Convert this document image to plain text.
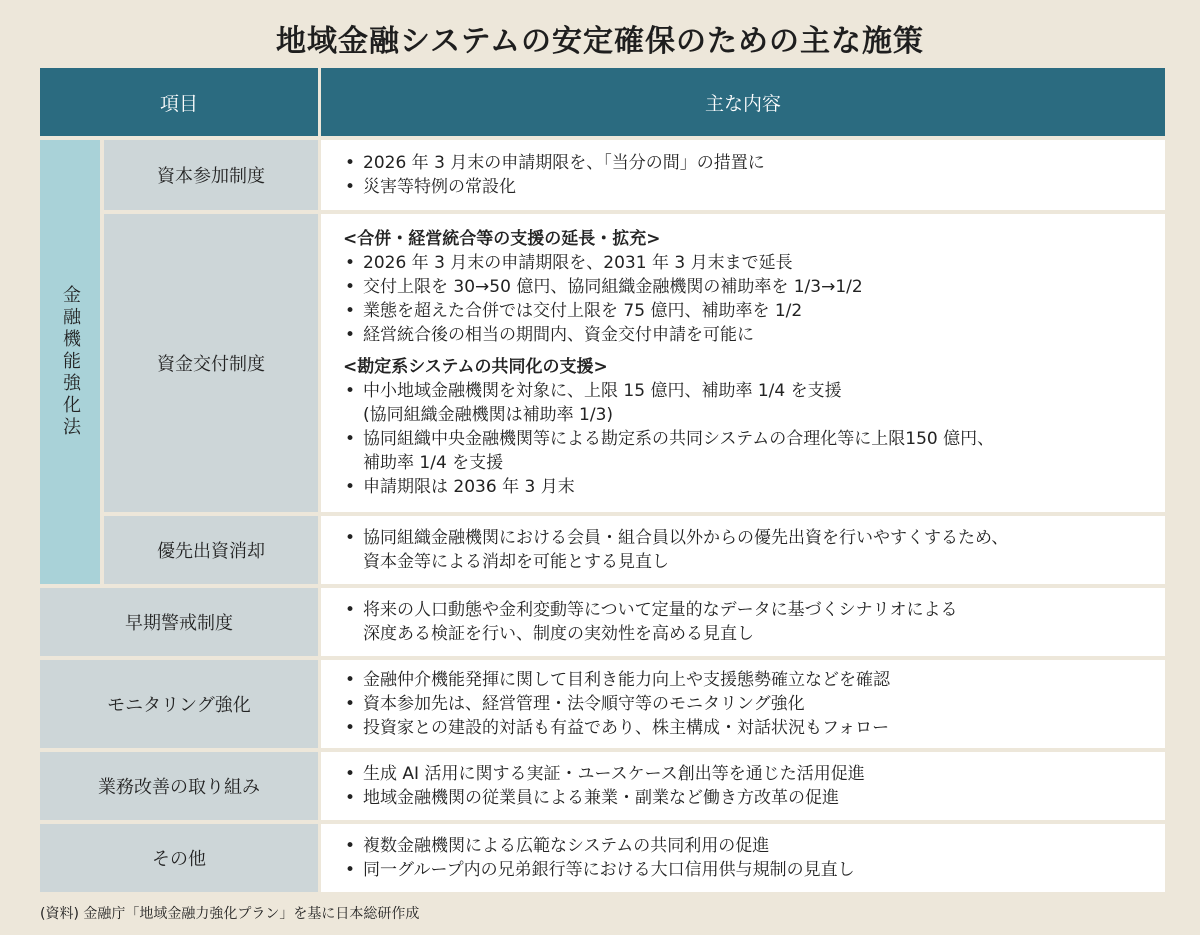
地域金融システムの安定確保のための主な施策
項目	主な内容
金融機能強化法
資本参加制度
• 2026 年 3 月末の申請期限を、「当分の間」の措置に
• 災害等特例の常設化
資金交付制度
<合併・経営統合等の支援の延長・拡充>
• 2026 年 3 月末の申請期限を、2031 年 3 月末まで延長
• 交付上限を 30→50 億円、協同組織金融機関の補助率を 1/3→1/2
• 業態を超えた合併では交付上限を 75 億円、補助率を 1/2
• 経営統合後の相当の期間内、資金交付申請を可能に
<勘定系システムの共同化の支援>
• 中小地域金融機関を対象に、上限 15 億円、補助率 1/4 を支援
(協同組織金融機関は補助率 1/3)
• 協同組織中央金融機関等による勘定系の共同システムの合理化等に上限150 億円、
補助率 1/4 を支援
• 申請期限は 2036 年 3 月末
優先出資消却
• 協同組織金融機関における会員・組合員以外からの優先出資を行いやすくするため、
資本金等による消却を可能とする見直し
早期警戒制度
• 将来の人口動態や金利変動等について定量的なデータに基づくシナリオによる
深度ある検証を行い、制度の実効性を高める見直し
モニタリング強化
• 金融仲介機能発揮に関して目利き能力向上や支援態勢確立などを確認
• 資本参加先は、経営管理・法令順守等のモニタリング強化
• 投資家との建設的対話も有益であり、株主構成・対話状況もフォロー
業務改善の取り組み
• 生成 AI 活用に関する実証・ユースケース創出等を通じた活用促進
• 地域金融機関の従業員による兼業・副業など働き方改革の促進
その他
• 複数金融機関による広範なシステムの共同利用の促進
• 同一グループ内の兄弟銀行等における大口信用供与規制の見直し
(資料) 金融庁「地域金融力強化プラン」を基に日本総研作成
